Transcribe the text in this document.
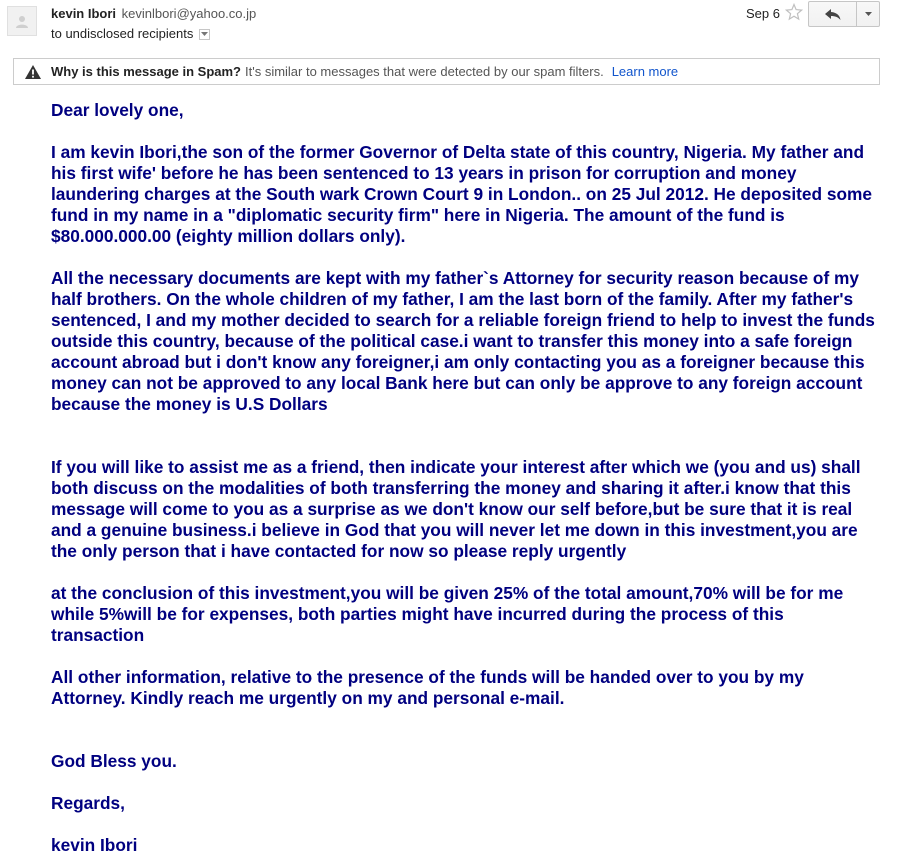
kevin Ibori kevinlbori@yahoo.co.jp
to undisclosed recipients
Sep 6
Why is this message in Spam? It's similar to messages that were detected by our spam filters. Learn more

Dear lovely one,

I am kevin Ibori,the son of the former Governor of Delta state of this country, Nigeria. My father and his first wife' before he has been sentenced to 13 years in prison for corruption and money laundering charges at the South wark Crown Court 9 in London.. on 25 Jul 2012. He deposited some fund in my name in a "diplomatic security firm" here in Nigeria. The amount of the fund is $80.000.000.00 (eighty million dollars only).

All the necessary documents are kept with my father`s Attorney for security reason because of my half brothers. On the whole children of my father, I am the last born of the family. After my father's sentenced, I and my mother decided to search for a reliable foreign friend to help to invest the funds outside this country, because of the political case.i want to transfer this money into a safe foreign account abroad but i don't know any foreigner,i am only contacting you as a foreigner because this money can not be approved to any local Bank here but can only be approve to any foreign account because the money is U.S Dollars

If you will like to assist me as a friend, then indicate your interest after which we (you and us) shall both discuss on the modalities of both transferring the money and sharing it after.i know that this message will come to you as a surprise as we don't know our self before,but be sure that it is real and a genuine business.i believe in God that you will never let me down in this investment,you are the only person that i have contacted for now so please reply urgently

at the conclusion of this investment,you will be given 25% of the total amount,70% will be for me while 5%will be for expenses, both parties might have incurred during the process of this transaction

All other information, relative to the presence of the funds will be handed over to you by my Attorney. Kindly reach me urgently on my and personal e-mail.

God Bless you.

Regards,

kevin Ibori
